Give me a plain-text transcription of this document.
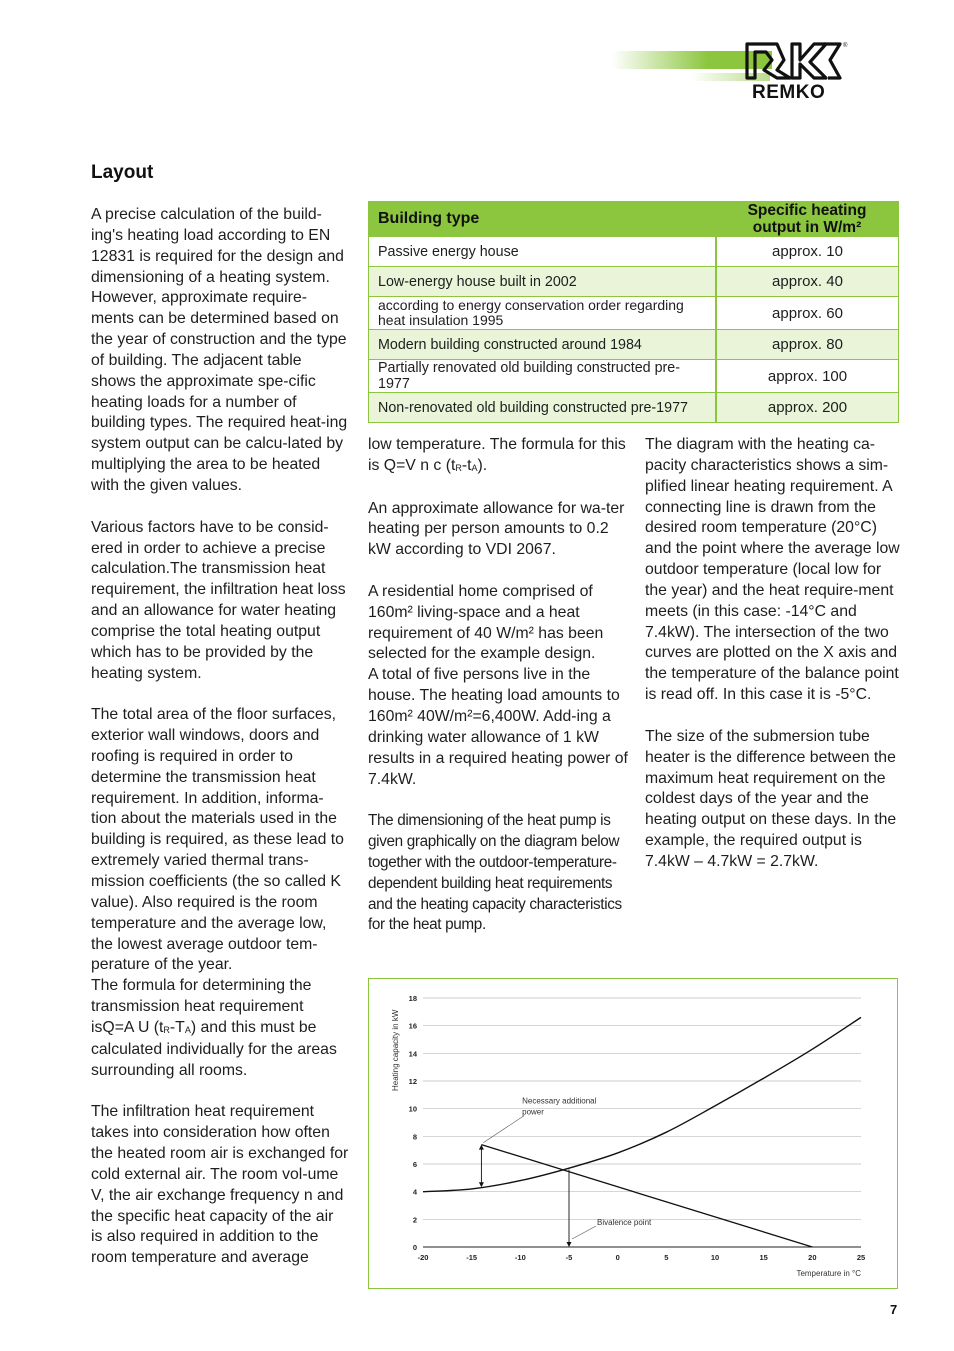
®
REMKO
Layout

A precise calculation of the build-ing's heating load according to EN 12831 is required for the design and dimensioning of a heating system.

However, approximate require-ments can be determined based on the year of construction and the type of building. The adjacent table shows the approximate spe-cific heating loads for a number of building types. The required heat-ing system output can be calcu-lated by multiplying the area to be heated with the given values.

Various factors have to be consid-ered in order to achieve a precise calculation.The transmission heat requirement, the infiltration heat loss and an allowance for water heating comprise the total heating output which has to be provided by the heating system.

The total area of the floor surfaces, exterior wall windows, doors and roofing is required in order to determine the transmission heat requirement. In addition, informa-tion about the materials used in the building is required, as these lead to extremely varied thermal trans-mission coefficients (the so called K value). Also required is the room temperature and the average low, the lowest average outdoor tem-perature of the year.

The formula for determining the transmission heat requirement isQ=A U $(t_R-T_A)$ and this must be calculated individually for the areas surrounding all rooms.

The infiltration heat requirement takes into consideration how often the heated room air is exchanged for cold external air. The room vol-ume V, the air exchange frequency n and the specific heat capacity of the air is also required in addition to the room temperature and average

Building type	Specific heating
output in W/m²
Passive energy house	approx. 10
Low-energy house built in 2002	approx. 40
according to energy conservation order regarding heat insulation 1995	approx. 60
Modern building constructed around 1984	approx. 80
Partially renovated old building constructed pre-1977	approx. 100
Non-renovated old building constructed pre-1977	approx. 200

low temperature. The formula for this is Q=V n c $(t_R-t_A)$.

An approximate allowance for wa-ter heating per person amounts to 0.2 kW according to VDI 2067.

A residential home comprised of 160m² living-space and a heat requirement of 40 W/m² has been selected for the example design.

A total of five persons live in the house. The heating load amounts to 160m² 40W/m²=6,400W. Add-ing a drinking water allowance of 1 kW results in a required heating power of 7.4kW.

The dimensioning of the heat pump is given graphically on the diagram below together with the outdoor-temperature-dependent building heat requirements and the heating capacity characteristics for the heat pump.

The diagram with the heating ca-pacity characteristics shows a sim-plified linear heating requirement. A connecting line is drawn from the desired room temperature (20°C) and the point where the average low outdoor temperature (local low for the year) and the heat require-ment meets (in this case: -14°C and 7.4kW). The intersection of the two curves are plotted on the X axis and the temperature of the balance point is read off. In this case it is -5°C.

The size of the submersion tube heater is the difference between the maximum heat requirement on the coldest days of the year and the heating output on these days. In the example, the required output is 7.4kW – 4.7kW = 2.7kW.

0
2
4
6
8
10
12
14
16
18
-20	-15	-10	-5	0	5	10	15	20	25
Heating capacity in kW
Temperature in °C
Necessary additional
power
Bivalence point
7
